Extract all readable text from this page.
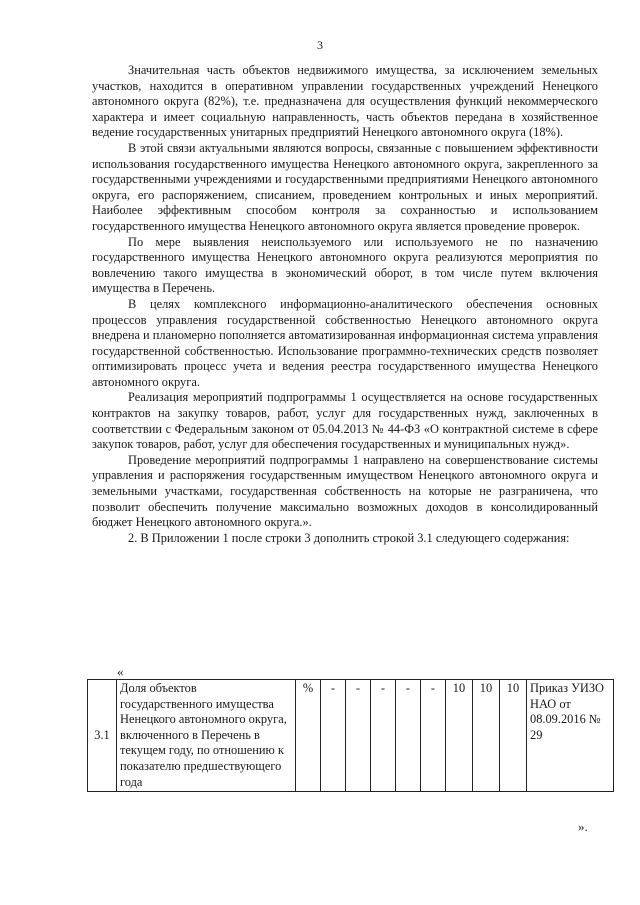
3

Значительная часть объектов недвижимого имущества, за исключением земельных участков, находится в оперативном управлении государственных учреждений Ненецкого автономного округа (82%), т.е. предназначена для осуществления функций некоммерческого характера и имеет социальную направленность, часть объектов передана в хозяйственное ведение государственных унитарных предприятий Ненецкого автономного округа (18%).

В этой связи актуальными являются вопросы, связанные с повышением эффективности использования государственного имущества Ненецкого автономного округа, закрепленного за государственными учреждениями и государственными предприятиями Ненецкого автономного округа, его распоряжением, списанием, проведением контрольных и иных мероприятий. Наиболее эффективным способом контроля за сохранностью и использованием государственного имущества Ненецкого автономного округа является проведение проверок.

По мере выявления неиспользуемого или используемого не по назначению государственного имущества Ненецкого автономного округа реализуются мероприятия по вовлечению такого имущества в экономический оборот, в том числе путем включения имущества в Перечень.

В целях комплексного информационно-аналитического обеспечения основных процессов управления государственной собственностью Ненецкого автономного округа внедрена и планомерно пополняется автоматизированная информационная система управления государственной собственностью. Использование программно-технических средств позволяет оптимизировать процесс учета и ведения реестра государственного имущества Ненецкого автономного округа.

Реализация мероприятий подпрограммы 1 осуществляется на основе государственных контрактов на закупку товаров, работ, услуг для государственных нужд, заключенных в соответствии с Федеральным законом от 05.04.2013 № 44-ФЗ «О контрактной системе в сфере закупок товаров, работ, услуг для обеспечения государственных и муниципальных нужд».

Проведение мероприятий подпрограммы 1 направлено на совершенствование системы управления и распоряжения государственным имуществом Ненецкого автономного округа и земельными участками, государственная собственность на которые не разграничена, что позволит обеспечить получение максимально возможных доходов в консолидированный бюджет Ненецкого автономного округа.».

2. В Приложении 1 после строки 3 дополнить строкой 3.1 следующего содержания:

«
3.1	Доля объектов государственного имущества Ненецкого автономного округа, включенного в Перечень в текущем году, по отношению к показателю предшествующего года	%	-	-	-	-	-	10	10	10	Приказ УИЗО НАО от 08.09.2016 № 29
».
